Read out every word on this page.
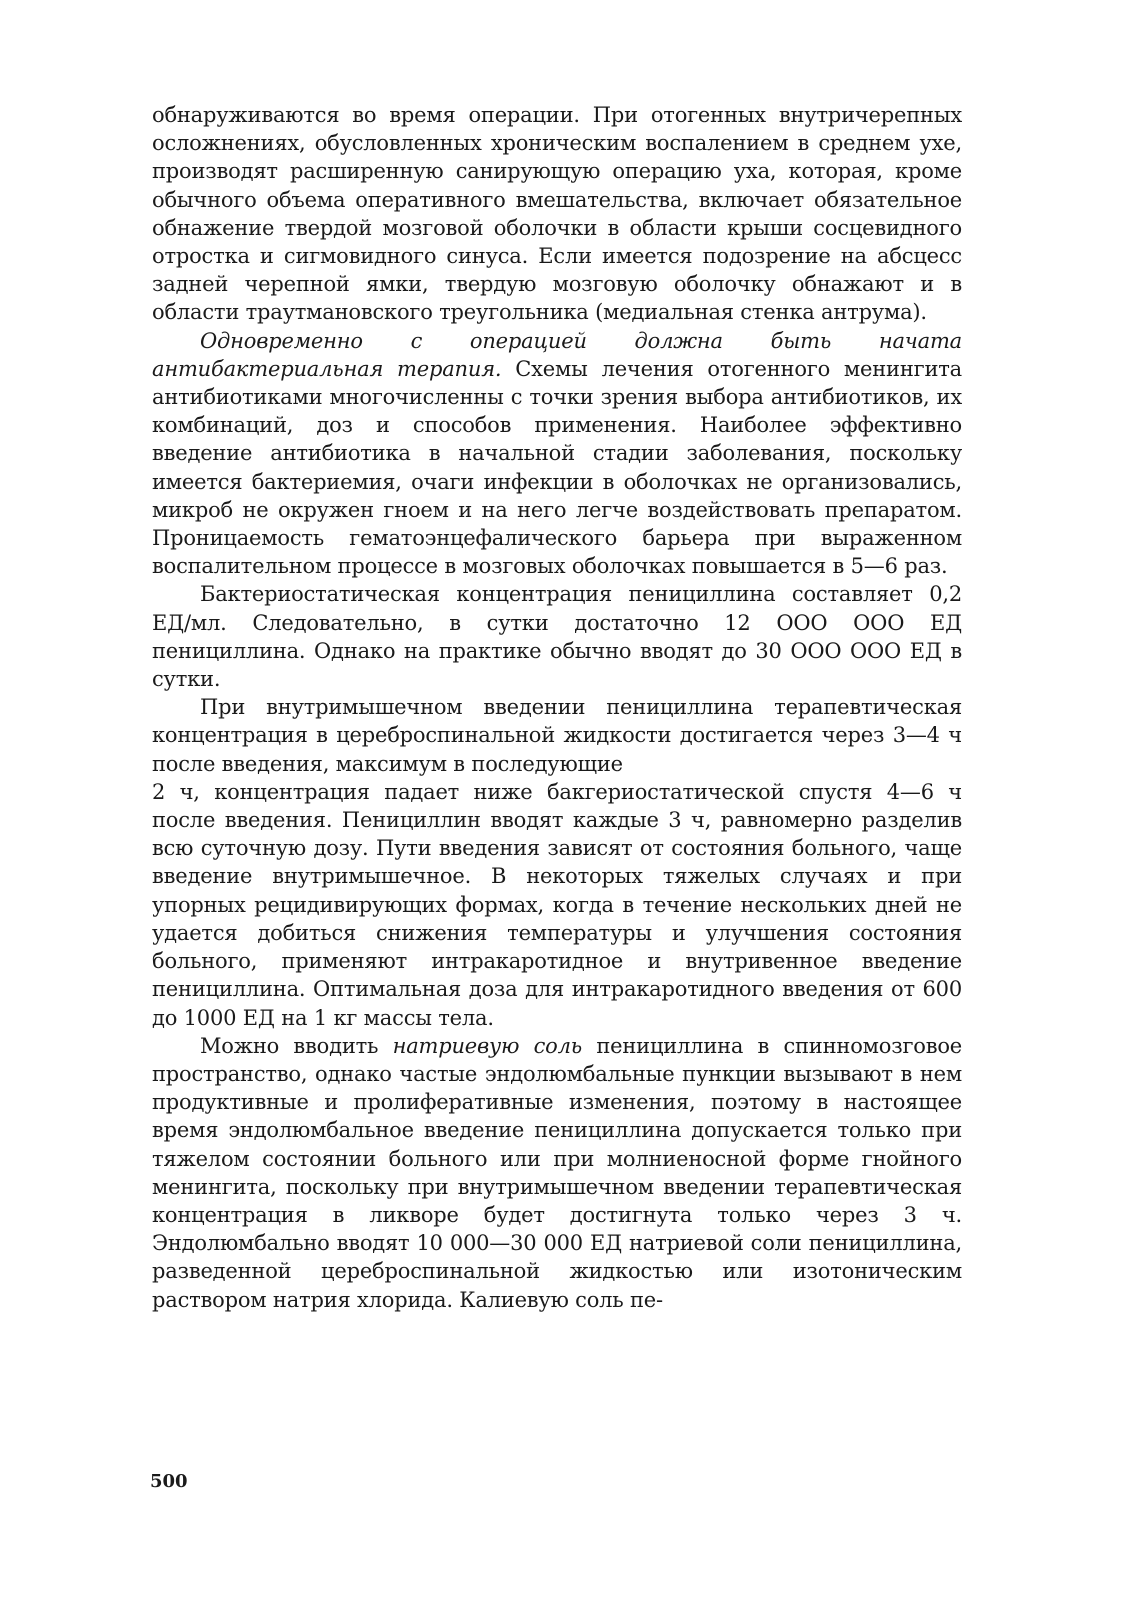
обнаруживаются во время операции. При отогенных внутричерепных осложнениях, обусловленных хроническим воспалением в среднем ухе, производят расширенную санирующую операцию уха, которая, кроме обычного объема оперативного вмешательства, включает обязательное обнажение твердой мозговой оболочки в области крыши сосцевидного отростка и сигмовидного синуса. Если имеется подозрение на абсцесс задней черепной ямки, твердую мозговую оболочку обнажают и в области траутмановского треугольника (медиальная стенка антрума).

Одновременно с операцией должна быть начата антибактериальная терапия. Схемы лечения отогенного менингита антибиотиками многочисленны с точки зрения выбора антибиотиков, их комбинаций, доз и способов применения. Наиболее эффективно введение антибиотика в начальной стадии заболевания, поскольку имеется бактериемия, очаги инфекции в оболочках не организовались, микроб не окружен гноем и на него легче воздействовать препаратом. Проницаемость гематоэнцефалического барьера при выраженном воспалительном процессе в мозговых оболочках повышается в 5—6 раз.

Бактериостатическая концентрация пенициллина составляет 0,2 ЕД/мл. Следовательно, в сутки достаточно 12 ООО ООО ЕД пенициллина. Однако на практике обычно вводят до 30 ООО ООО ЕД в сутки.

При внутримышечном введении пенициллина терапевтическая концентрация в цереброспинальной жидкости достигается через 3—4 ч после введения, максимум в последующие

2 ч, концентрация падает ниже бакгериостатической спустя 4—6 ч после введения. Пенициллин вводят каждые 3 ч, равномерно разделив всю суточную дозу. Пути введения зависят от состояния больного, чаще введение внутримышечное. В некоторых тяжелых случаях и при упорных рецидивирующих формах, когда в течение нескольких дней не удается добиться снижения температуры и улучшения состояния больного, применяют интракаротидное и внутривенное введение пенициллина. Оптимальная доза для интракаротидного введения от 600 до 1000 ЕД на 1 кг массы тела.

Можно вводить натриевую соль пенициллина в спинномозговое пространство, однако частые эндолюмбальные пункции вызывают в нем продуктивные и пролиферативные изменения, поэтому в настоящее время эндолюмбальное введение пенициллина допускается только при тяжелом состоянии больного или при молниеносной форме гнойного менингита, поскольку при внутримышечном введении терапевтическая концентрация в ликворе будет достигнута только через 3 ч. Эндолюмбально вводят 10 000—30 000 ЕД натриевой соли пенициллина, разведенной цереброспинальной жидкостью или изотоническим раствором натрия хлорида. Калиевую соль пе-

500
